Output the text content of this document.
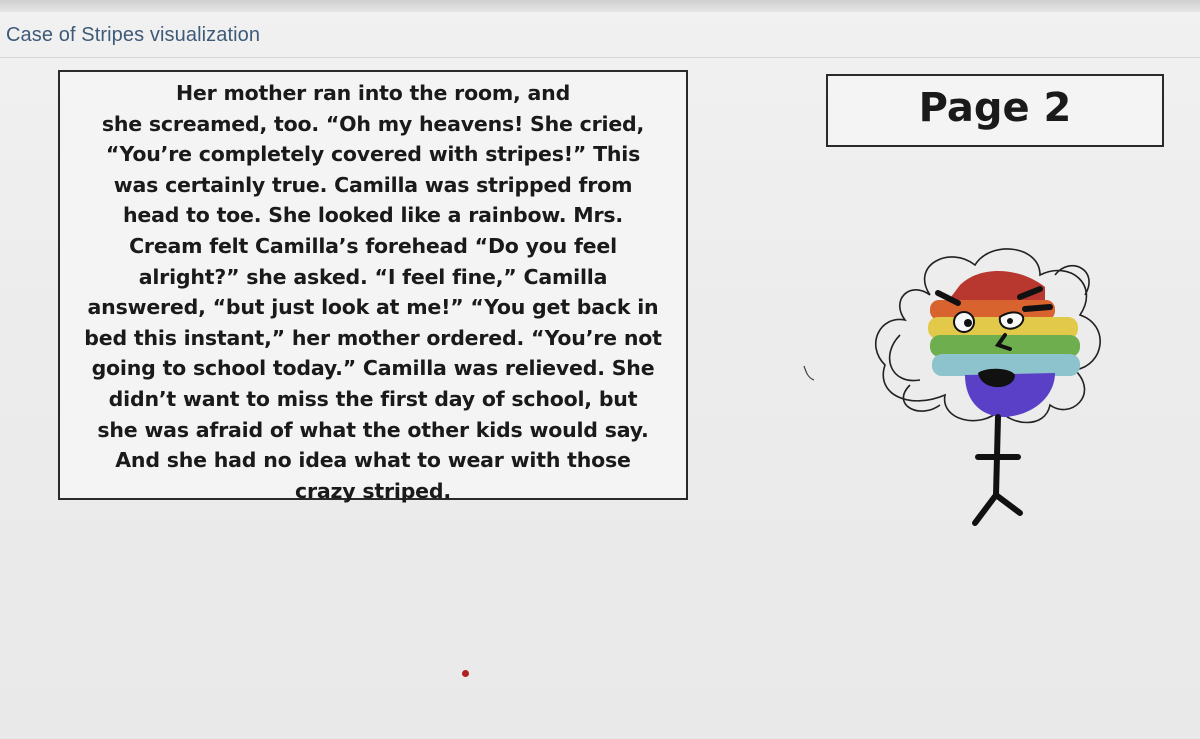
Case of Stripes visualization
Her mother ran into the room, and
she screamed, too. “Oh my heavens! She cried,
“You’re completely covered with stripes!” This
was certainly true. Camilla was stripped from
head to toe. She looked like a rainbow. Mrs.
Cream felt Camilla’s forehead “Do you feel
alright?” she asked. “I feel fine,” Camilla
answered, “but just look at me!” “You get back in
bed this instant,” her mother ordered. “You’re not
going to school today.” Camilla was relieved. She
didn’t want to miss the first day of school, but
she was afraid of what the other kids would say.
And she had no idea what to wear with those
crazy striped.
Page 2
